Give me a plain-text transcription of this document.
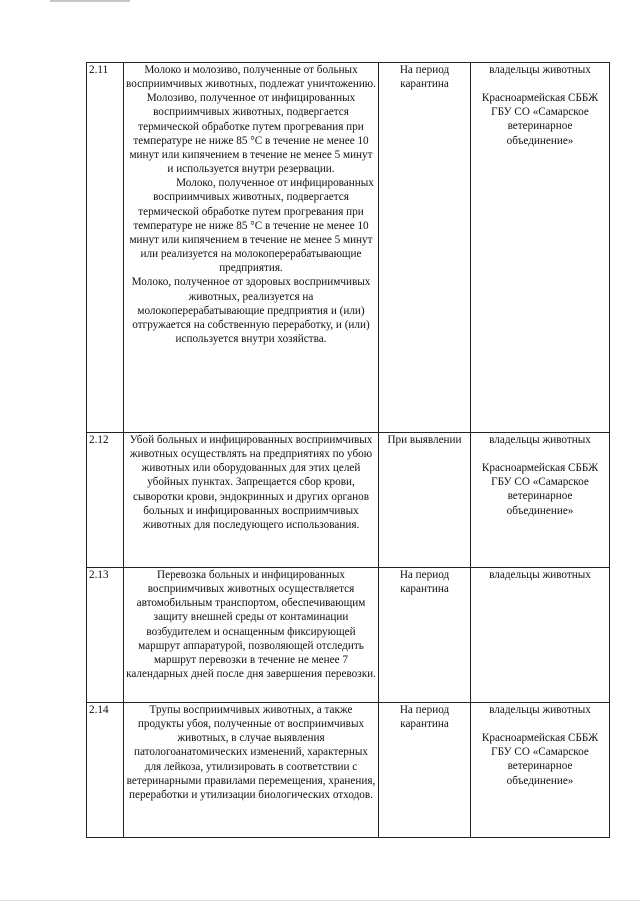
2.11	Молоко и молозиво, полученные от больных восприимчивых животных, подлежат уничтожению. Молозиво, полученное от инфицированных восприимчивых животных, подвергается термической обработке путем прогревания при температуре не ниже 85 °С в течение не менее 10 минут или кипячением в течение не менее 5 минут и используется внутри резервации.
Молоко, полученное от инфицированных восприимчивых животных, подвергается термической обработке путем прогревания при температуре не ниже 85 °С в течение не менее 10 минут или кипячением в течение не менее 5 минут или реализуется на молокоперерабатывающие предприятия.
Молоко, полученное от здоровых восприимчивых животных, реализуется на молокоперерабатывающие предприятия и (или) отгружается на собственную переработку, и (или) используется внутри хозяйства.	На период карантина	владельцы животных
Красноармейская СББЖ ГБУ СО «Самарское ветеринарное объединение»

2.12	Убой больных и инфицированных восприимчивых животных осуществлять на предприятиях по убою животных или оборудованных для этих целей убойных пунктах. Запрещается сбор крови, сыворотки крови, эндокринных и других органов больных и инфицированных восприимчивых животных для последующего использования.	При выявлении	владельцы животных
Красноармейская СББЖ ГБУ СО «Самарское ветеринарное объединение»

2.13	Перевозка больных и инфицированных восприимчивых животных осуществляется автомобильным транспортом, обеспечивающим защиту внешней среды от контаминации возбудителем и оснащенным фиксирующей маршрут аппаратурой, позволяющей отследить маршрут перевозки в течение не менее 7 календарных дней после дня завершения перевозки.	На период карантина	владельцы животных

2.14	Трупы восприимчивых животных, а также продукты убоя, полученные от восприимчивых животных, в случае выявления патологоанатомических изменений, характерных для лейкоза, утилизировать в соответствии с ветеринарными правилами перемещения, хранения, переработки и утилизации биологических отходов.	На период карантина	владельцы животных
Красноармейская СББЖ ГБУ СО «Самарское ветеринарное объединение»
